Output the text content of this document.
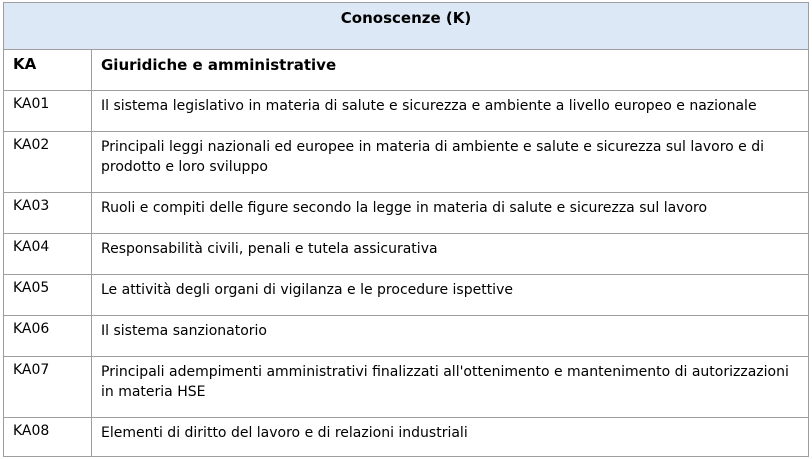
Conoscenze (K)	
KA	Giuridiche e amministrative
KA01	Il sistema legislativo in materia di salute e sicurezza e ambiente a livello europeo e nazionale
KA02	Principali leggi nazionali ed europee in materia di ambiente e salute e sicurezza sul lavoro e di prodotto e loro sviluppo
KA03	Ruoli e compiti delle figure secondo la legge in materia di salute e sicurezza sul lavoro
KA04	Responsabilità civili, penali e tutela assicurativa
KA05	Le attività degli organi di vigilanza e le procedure ispettive
KA06	Il sistema sanzionatorio
KA07	Principali adempimenti amministrativi finalizzati all'ottenimento e mantenimento di autorizzazioni in materia HSE
KA08	Elementi di diritto del lavoro e di relazioni industriali
